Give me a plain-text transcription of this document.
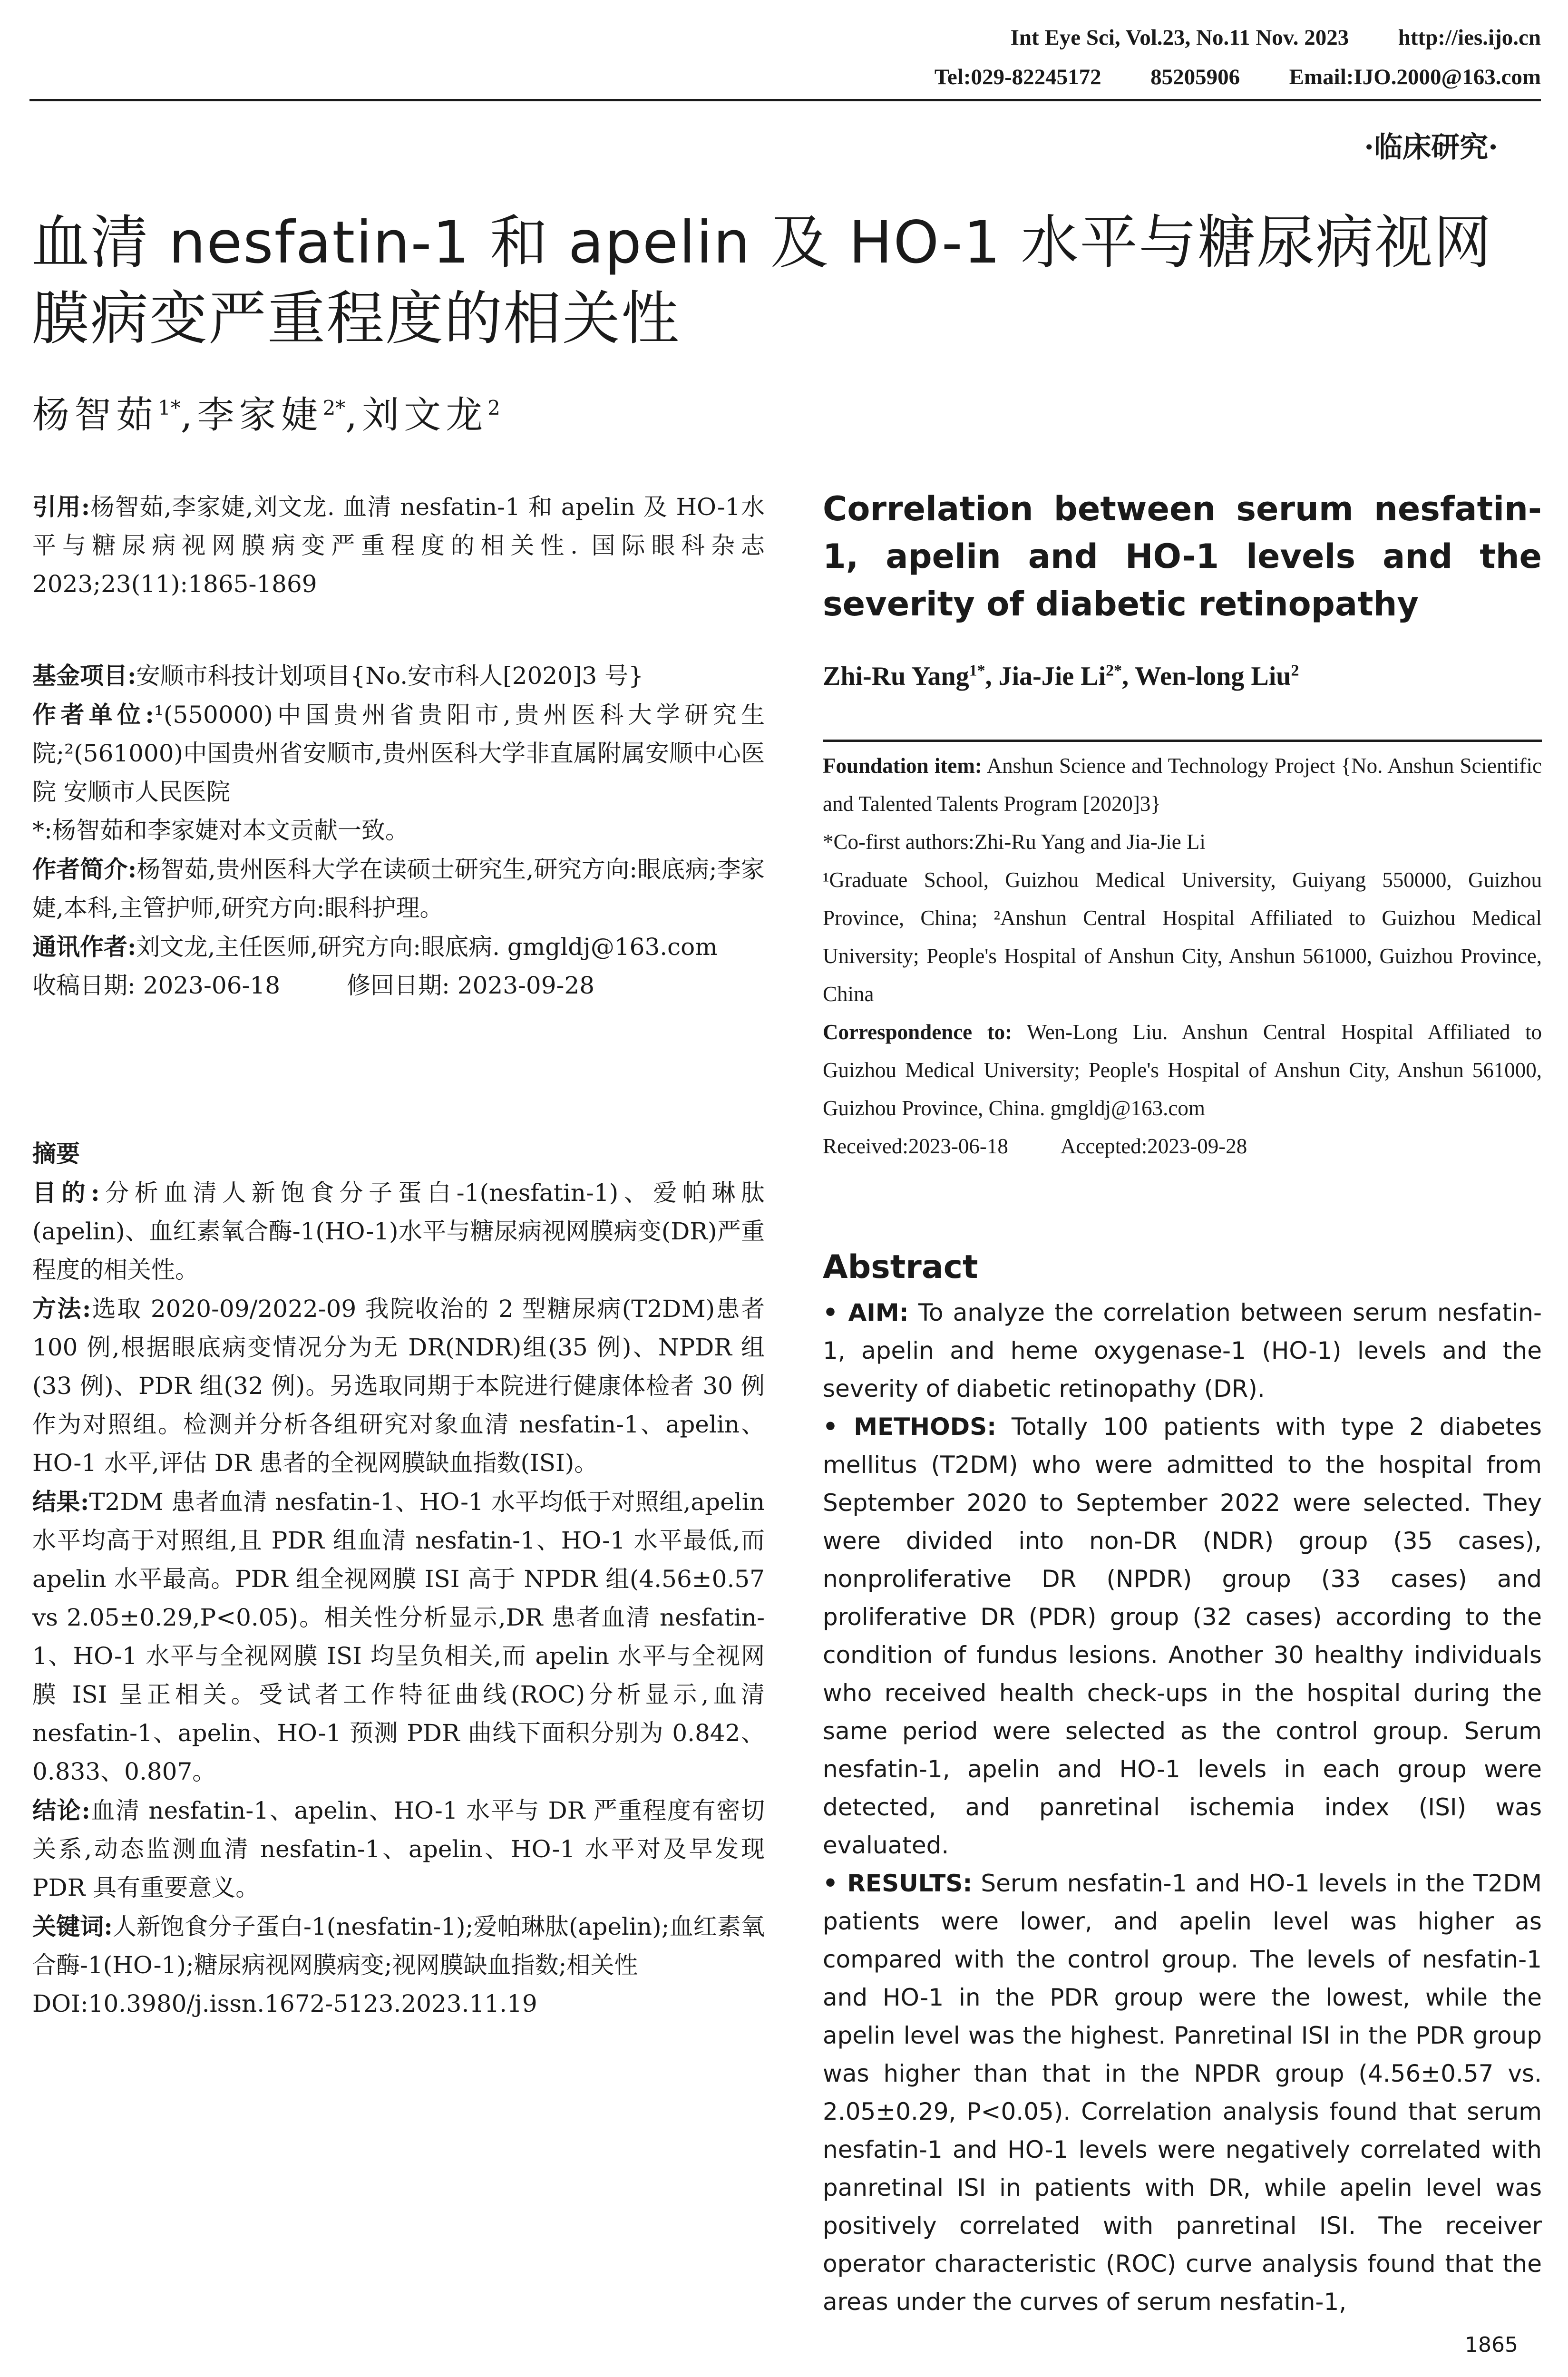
Int Eye Sci, Vol.23, No.11 Nov. 2023 http://ies.ijo.cn
Tel:029-82245172 85205906 Email:IJO.2000@163.com
·临床研究·
血清 nesfatin-1 和 apelin 及 HO-1 水平与糖尿病视网膜病变严重程度的相关性
杨智茹$^{1*}$,李家婕$^{2*}$,刘文龙$^2$

引用:杨智茹,李家婕,刘文龙. 血清 nesfatin-1 和 apelin 及 HO-1水平与糖尿病视网膜病变严重程度的相关性. 国际眼科杂志 2023;23(11):1865-1869

基金项目:安顺市科技计划项目{No.安市科人[2020]3 号}

作者单位:¹(550000)中国贵州省贵阳市,贵州医科大学研究生院;²(561000)中国贵州省安顺市,贵州医科大学非直属附属安顺中心医院 安顺市人民医院

*:杨智茹和李家婕对本文贡献一致。

作者简介:杨智茹,贵州医科大学在读硕士研究生,研究方向:眼底病;李家婕,本科,主管护师,研究方向:眼科护理。

通讯作者:刘文龙,主任医师,研究方向:眼底病. gmgldj@163.com

收稿日期: 2023-06-18	修回日期: 2023-09-28

摘要

目的:分析血清人新饱食分子蛋白-1(nesfatin-1)、爱帕琳肽(apelin)、血红素氧合酶-1(HO-1)水平与糖尿病视网膜病变(DR)严重程度的相关性。

方法:选取 2020-09/2022-09 我院收治的 2 型糖尿病(T2DM)患者 100 例,根据眼底病变情况分为无 DR(NDR)组(35 例)、NPDR 组(33 例)、PDR 组(32 例)。另选取同期于本院进行健康体检者 30 例作为对照组。检测并分析各组研究对象血清 nesfatin-1、apelin、HO-1 水平,评估 DR 患者的全视网膜缺血指数(ISI)。

结果:T2DM 患者血清 nesfatin-1、HO-1 水平均低于对照组,apelin 水平均高于对照组,且 PDR 组血清 nesfatin-1、HO-1 水平最低,而 apelin 水平最高。PDR 组全视网膜 ISI 高于 NPDR 组(4.56±0.57 vs 2.05±0.29,P<0.05)。相关性分析显示,DR 患者血清 nesfatin-1、HO-1 水平与全视网膜 ISI 均呈负相关,而 apelin 水平与全视网膜 ISI 呈正相关。受试者工作特征曲线(ROC)分析显示,血清 nesfatin-1、apelin、HO-1 预测 PDR 曲线下面积分别为 0.842、0.833、0.807。

结论:血清 nesfatin-1、apelin、HO-1 水平与 DR 严重程度有密切关系,动态监测血清 nesfatin-1、apelin、HO-1 水平对及早发现 PDR 具有重要意义。

关键词:人新饱食分子蛋白-1(nesfatin-1);爱帕琳肽(apelin);血红素氧合酶-1(HO-1);糖尿病视网膜病变;视网膜缺血指数;相关性

DOI:10.3980/j.issn.1672-5123.2023.11.19

Correlation between serum nesfatin-1, apelin and HO-1 levels and the severity of diabetic retinopathy
Zhi-Ru Yang$^{1*}$, Jia-Jie $Li^{2*}$, Wen-long Liu$^2$

Foundation item: Anshun Science and Technology Project {No. Anshun Scientific and Talented Talents Program [2020]3}

*Co-first authors:Zhi-Ru Yang and Jia-Jie Li

¹Graduate School, Guizhou Medical University, Guiyang 550000, Guizhou Province, China; ²Anshun Central Hospital Affiliated to Guizhou Medical University; People's Hospital of Anshun City, Anshun 561000, Guizhou Province, China

Correspondence to: Wen-Long Liu. Anshun Central Hospital Affiliated to Guizhou Medical University; People's Hospital of Anshun City, Anshun 561000, Guizhou Province, China. gmgldj@163.com

Received:2023-06-18 Accepted:2023-09-28

Abstract

• AIM: To analyze the correlation between serum nesfatin-1, apelin and heme oxygenase-1 (HO-1) levels and the severity of diabetic retinopathy (DR).

• METHODS: Totally 100 patients with type 2 diabetes mellitus (T2DM) who were admitted to the hospital from September 2020 to September 2022 were selected. They were divided into non-DR (NDR) group (35 cases), nonproliferative DR (NPDR) group (33 cases) and proliferative DR (PDR) group (32 cases) according to the condition of fundus lesions. Another 30 healthy individuals who received health check-ups in the hospital during the same period were selected as the control group. Serum nesfatin-1, apelin and HO-1 levels in each group were detected, and panretinal ischemia index (ISI) was evaluated.

• RESULTS: Serum nesfatin-1 and HO-1 levels in the T2DM patients were lower, and apelin level was higher as compared with the control group. The levels of nesfatin-1 and HO-1 in the PDR group were the lowest, while the apelin level was the highest. Panretinal ISI in the PDR group was higher than that in the NPDR group (4.56±0.57 vs. 2.05±0.29, P<0.05). Correlation analysis found that serum nesfatin-1 and HO-1 levels were negatively correlated with panretinal ISI in patients with DR, while apelin level was positively correlated with panretinal ISI. The receiver operator characteristic (ROC) curve analysis found that the areas under the curves of serum nesfatin-1,

1865
